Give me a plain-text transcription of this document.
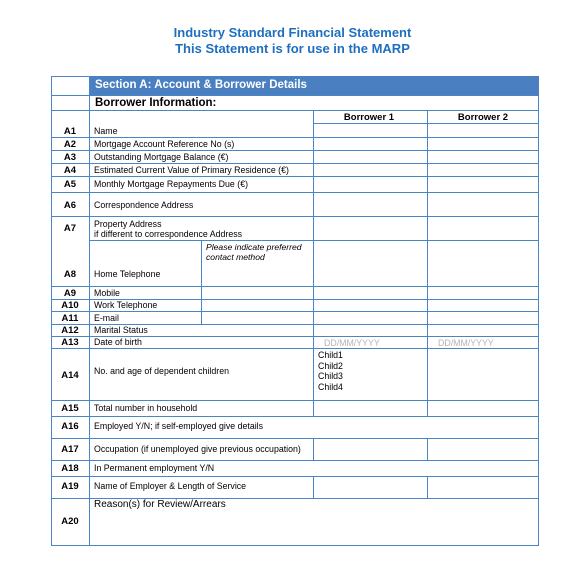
Industry Standard Financial Statement
This Statement is for use in the MARP
Section A: Account & Borrower Details
Borrower Information:
Borrower 1	Borrower 2
A1
A2
A3
A4
A5
A6
A7
A8
A9
A10
A11
A12
A13
A14
A15
A16
A17
A18
A19
A20
Name
Mortgage Account Reference No (s)
Outstanding Mortgage Balance (€)
Estimated Current Value of Primary Residence (€)
Monthly Mortgage Repayments Due (€)
Correspondence Address
Property Address
if different to correspondence Address
Home Telephone
Mobile
Work Telephone
E-mail
Marital Status
Date of birth
No. and age of dependent children
Total number in household
Employed Y/N; if self-employed give details
Occupation (if unemployed give previous occupation)
In Permanent employment Y/N
Name of Employer & Length of Service
Reason(s) for Review/Arrears
Please indicate preferred
contact method
DD/MM/YYYY	DD/MM/YYYY
Child1
Child2
Child3
Child4
